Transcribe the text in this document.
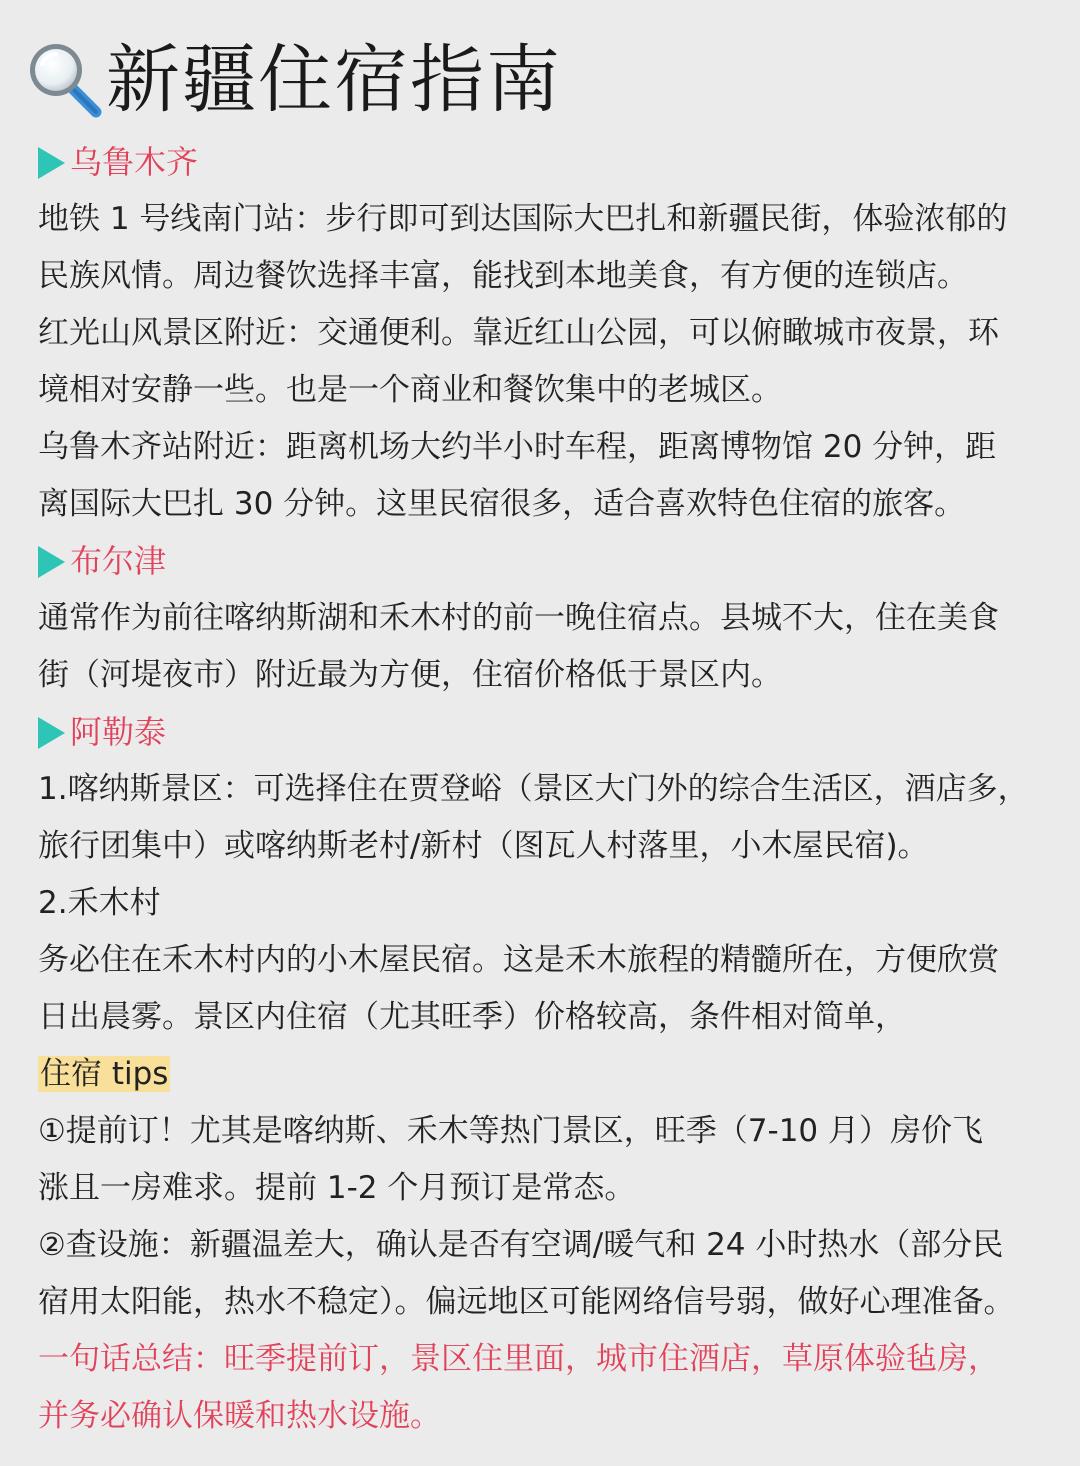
新疆住宿指南
乌鲁木齐
地铁 1 号线南门站：步行即可到达国际大巴扎和新疆民街，体验浓郁的
民族风情。周边餐饮选择丰富，能找到本地美食，有方便的连锁店。
红光山风景区附近：交通便利。靠近红山公园，可以俯瞰城市夜景，环
境相对安静一些。也是一个商业和餐饮集中的老城区。
乌鲁木齐站附近：距离机场大约半小时车程，距离博物馆 20 分钟，距
离国际大巴扎 30 分钟。这里民宿很多，适合喜欢特色住宿的旅客。
布尔津
通常作为前往喀纳斯湖和禾木村的前一晚住宿点。县城不大，住在美食
街（河堤夜市）附近最为方便，住宿价格低于景区内。
阿勒泰
1.喀纳斯景区：可选择住在贾登峪（景区大门外的综合生活区，酒店多，
旅行团集中）或喀纳斯老村/新村（图瓦人村落里，小木屋民宿)。
2.禾木村
务必住在禾木村内的小木屋民宿。这是禾木旅程的精髓所在，方便欣赏
日出晨雾。景区内住宿（尤其旺季）价格较高，条件相对简单，
住宿 tips
①提前订！尤其是喀纳斯、禾木等热门景区，旺季（7-10 月）房价飞
涨且一房难求。提前 1-2 个月预订是常态。
②查设施：新疆温差大，确认是否有空调/暖气和 24 小时热水（部分民
宿用太阳能，热水不稳定）。偏远地区可能网络信号弱，做好心理准备。
一句话总结：旺季提前订，景区住里面，城市住酒店，草原体验毡房，
并务必确认保暖和热水设施。
